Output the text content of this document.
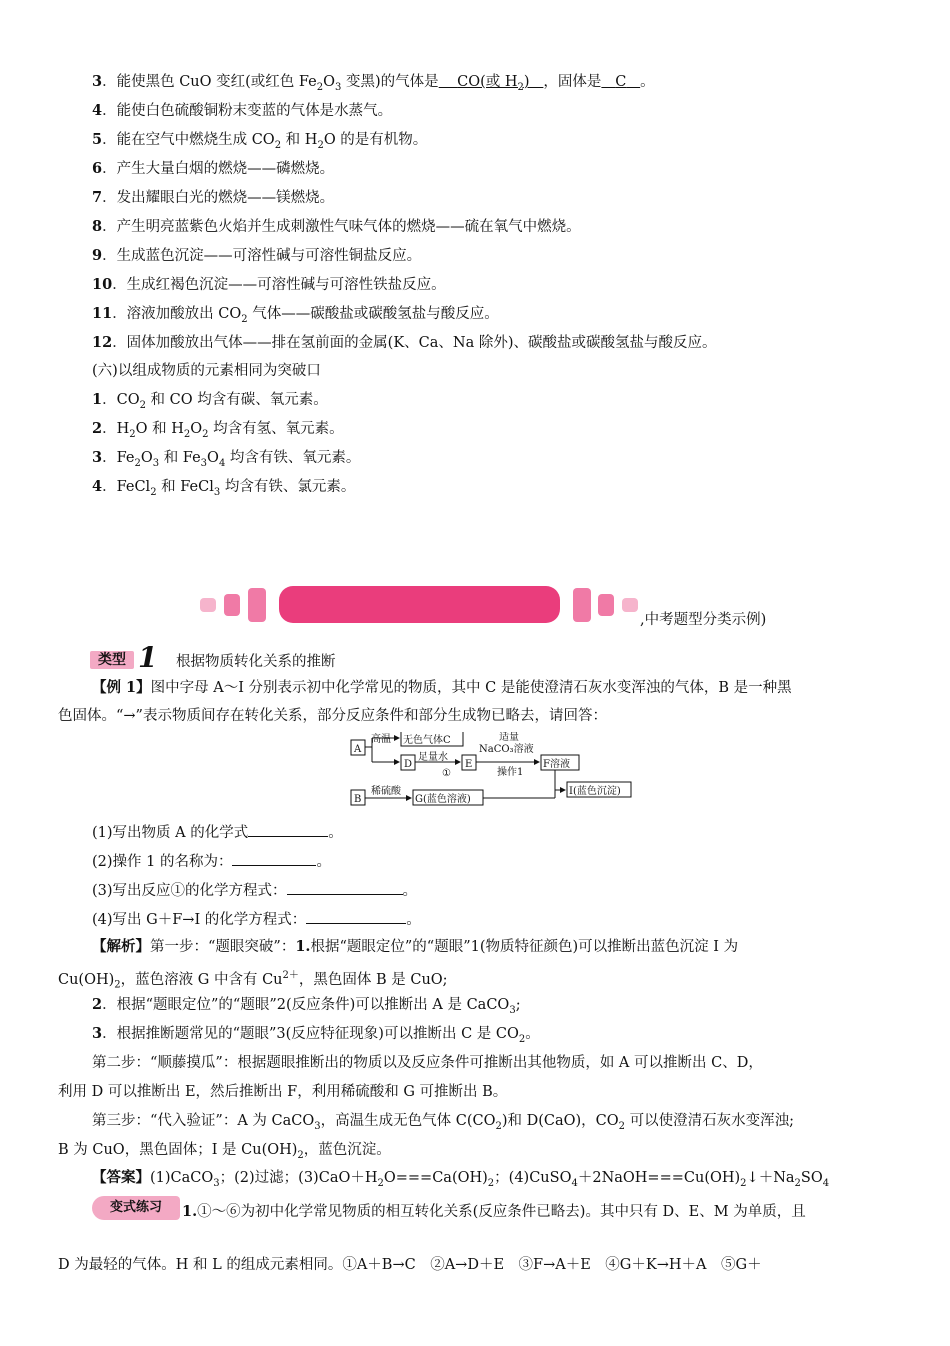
3．能使黑色 CuO 变红(或红色 $Fe_2O_3$ 变黑)的气体是 CO(或 $H_2$) ，固体是 C 。
4．能使白色硫酸铜粉末变蓝的气体是水蒸气。
5．能在空气中燃烧生成 $CO_2$ 和 $H_2O$ 的是有机物。
6．产生大量白烟的燃烧——磷燃烧。
7．发出耀眼白光的燃烧——镁燃烧。
8．产生明亮蓝紫色火焰并生成刺激性气味气体的燃烧——硫在氧气中燃烧。
9．生成蓝色沉淀——可溶性碱与可溶性铜盐反应。
10．生成红褐色沉淀——可溶性碱与可溶性铁盐反应。
11．溶液加酸放出 $CO_2$ 气体——碳酸盐或碳酸氢盐与酸反应。
12．固体加酸放出气体——排在氢前面的金属(K、Ca、Na 除外)、碳酸盐或碳酸氢盐与酸反应。
(六)以组成物质的元素相同为突破口
1．$CO_2$ 和 CO 均含有碳、氧元素。
2．$H_2O$ 和 $H_2O_2$ 均含有氢、氧元素。
3．$Fe_2O_3$ 和 $Fe_3O_4$ 均含有铁、氧元素。
4．FeCl$_2$ 和 FeCl$_3$ 均含有铁、氯元素。
,中考题型分类示例)
类型 1 根据物质转化关系的推断
【例 1】图中字母 A～I 分别表示初中化学常见的物质，其中 C 是能使澄清石灰水变浑浊的气体，B 是一种黑
色固体。“→”表示物质间存在转化关系，部分反应条件和部分生成物已略去，请回答：
A
高温 无色气体C
D
足量水
①
E
适量
NaCO₃溶液
操作1
F溶液
B
稀硫酸
G(蓝色溶液)
I(蓝色沉淀)
(1)写出物质 A 的化学式	。
(2)操作 1 的名称为：	。
(3)写出反应①的化学方程式：	。
(4)写出 G＋F→I 的化学方程式：	。
【解析】第一步：“题眼突破”：1.根据“题眼定位”的“题眼”1(物质特征颜色)可以推断出蓝色沉淀 I 为
$Cu(OH)_2$，蓝色溶液 G 中含有 $Cu^{2+}$，黑色固体 B 是 CuO;
2．根据“题眼定位”的“题眼”2(反应条件)可以推断出 A 是 CaCO$_3$;
3．根据推断题常见的“题眼”3(反应特征现象)可以推断出 C 是 $CO_2$。
第二步：“顺藤摸瓜”：根据题眼推断出的物质以及反应条件可推断出其他物质，如 A 可以推断出 C、D，
利用 D 可以推断出 E，然后推断出 F，利用稀硫酸和 G 可推断出 B。
第三步：“代入验证”：A 为 CaCO$_3$，高温生成无色气体 $C(CO_2)$和 D(CaO)，$CO_2$ 可以使澄清石灰水变浑浊;
B 为 CuO，黑色固体；I 是 $Cu(OH)_2$，蓝色沉淀。
【答案】(1)CaCO$_3$；(2)过滤；$(3)CaO+H_2O===Ca(OH)_2$；$(4)CuSO_4+2NaOH===Cu(OH)_2↓+Na_2SO_4$
变式练习	1.①～⑥为初中化学常见物质的相互转化关系(反应条件已略去)。其中只有 D、E、M 为单质，且
D 为最轻的气体。H 和 L 的组成元素相同。①A＋B→C　②A→D＋E　③F→A＋E　④G＋K→H＋A　⑤G＋
